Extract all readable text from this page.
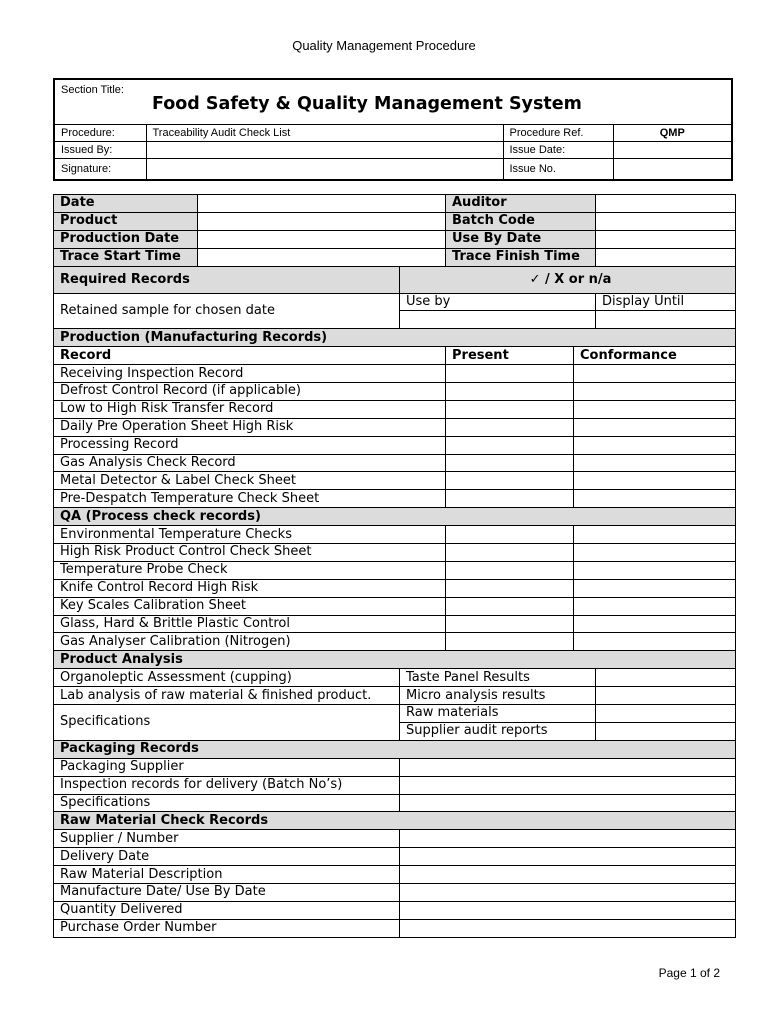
Quality Management Procedure
Section Title:
Food Safety & Quality Management System			

Procedure:	Traceability Audit Check List	Procedure Ref.	QMP
Issued By:		Issue Date:	
Signature:		Issue No.	
Date			Auditor		
Product			Batch Code		
Production Date			Use By Date		
Trace Start Time			Trace Finish Time		
Required Records		✓ / X or n/a			
Retained sample for chosen date		Use by			Display Until

Production (Manufacturing Records)					
Record			Present	Conformance	
Receiving Inspection Record					
Defrost Control Record (if applicable)					
Low to High Risk Transfer Record					
Daily Pre Operation Sheet High Risk					
Processing Record					
Gas Analysis Check Record					
Metal Detector & Label Check Sheet					
Pre-Despatch Temperature Check Sheet					
QA (Process check records)					
Environmental Temperature Checks					
High Risk Product Control Check Sheet					
Temperature Probe Check					
Knife Control Record High Risk					
Key Scales Calibration Sheet					
Glass, Hard & Brittle Plastic Control					
Gas Analyser Calibration (Nitrogen)					
Product Analysis					
Organoleptic Assessment (cupping)		Taste Panel Results			
Lab analysis of raw material & finished product.		Micro analysis results			
Specifications		Raw materials			
		Supplier audit reports			
Packaging Records					
Packaging Supplier					
Inspection records for delivery (Batch No’s)					
Specifications					
Raw Material Check Records					
Supplier / Number					
Delivery Date					
Raw Material Description					
Manufacture Date/ Use By Date					
Quantity Delivered					
Purchase Order Number					
Page 1 of 2
